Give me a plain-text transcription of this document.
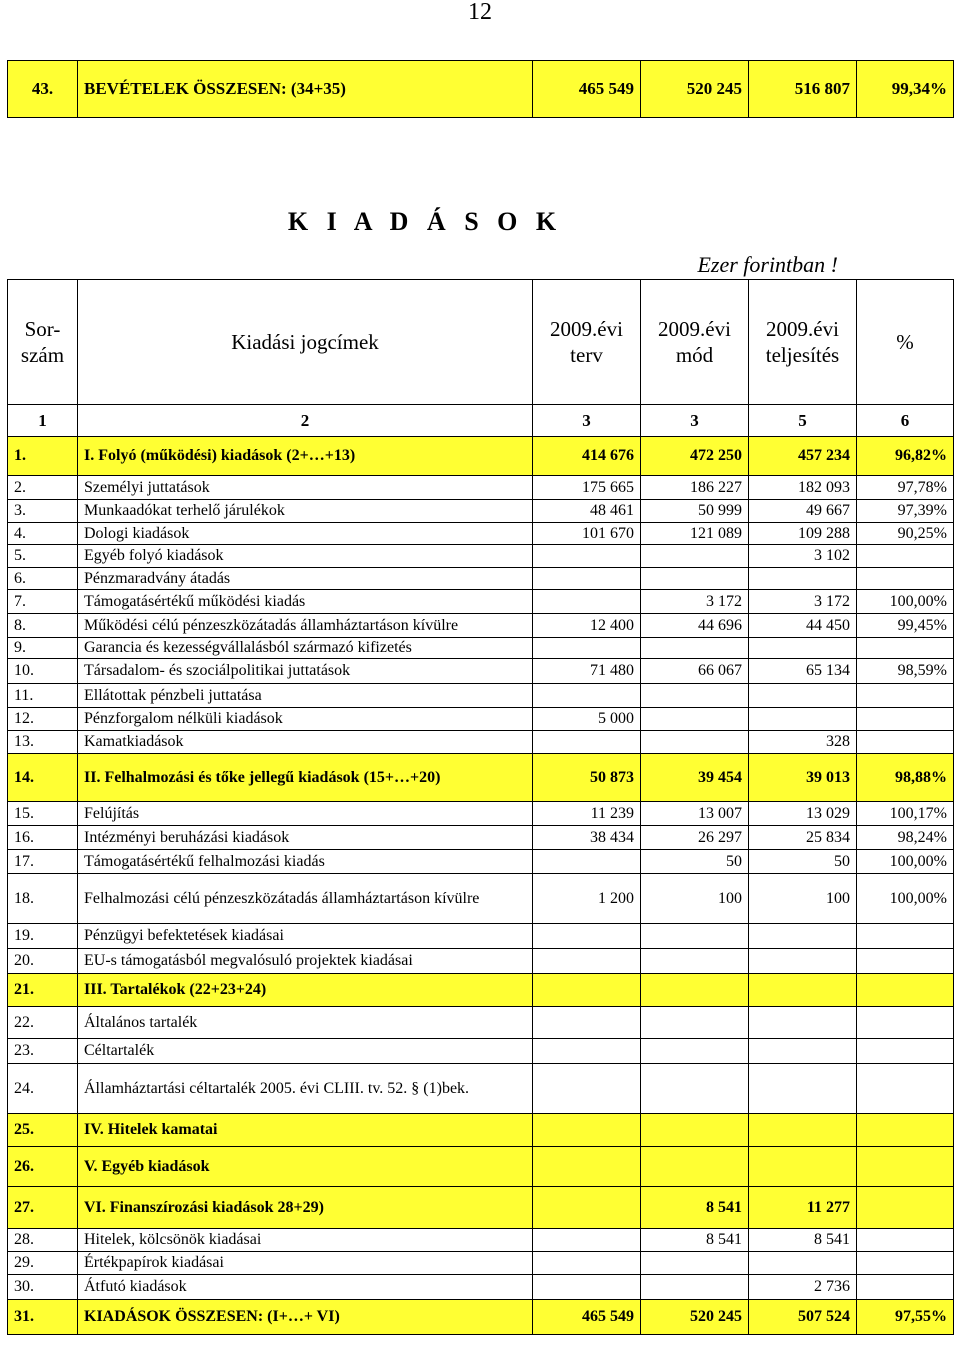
12
43.	BEVÉTELEK ÖSSZESEN: (34+35)	465 549	520 245	516 807	99,34%
K I A D Á S O K
Ezer forintban !
Sor-szám	Kiadási jogcímek	2009.évi terv	2009.évi mód	2009.évi teljesítés	%
1	2	3	3	5	6
1.	I. Folyó (működési) kiadások (2+…+13)	414 676	472 250	457 234	96,82%
2.	Személyi juttatások	175 665	186 227	182 093	97,78%
3.	Munkaadókat terhelő járulékok	48 461	50 999	49 667	97,39%
4.	Dologi kiadások	101 670	121 089	109 288	90,25%
5.	Egyéb folyó kiadások			3 102	
6.	Pénzmaradvány átadás				
7.	Támogatásértékű működési kiadás		3 172	3 172	100,00%
8.	Működési célú pénzeszközátadás államháztartáson kívülre	12 400	44 696	44 450	99,45%
9.	Garancia és kezességvállalásból származó kifizetés				
10.	Társadalom- és szociálpolitikai juttatások	71 480	66 067	65 134	98,59%
11.	Ellátottak pénzbeli juttatása				
12.	Pénzforgalom nélküli kiadások	5 000			
13.	Kamatkiadások			328	
14.	II. Felhalmozási és tőke jellegű kiadások (15+…+20)	50 873	39 454	39 013	98,88%
15.	Felújítás	11 239	13 007	13 029	100,17%
16.	Intézményi beruházási kiadások	38 434	26 297	25 834	98,24%
17.	Támogatásértékű felhalmozási kiadás		50	50	100,00%
18.	Felhalmozási célú pénzeszközátadás államháztartáson kívülre	1 200	100	100	100,00%
19.	Pénzügyi befektetések kiadásai				
20.	EU-s támogatásból megvalósuló projektek kiadásai				
21.	III. Tartalékok (22+23+24)				
22.	Általános tartalék				
23.	Céltartalék				
24.	Államháztartási céltartalék 2005. évi CLIII. tv. 52. § (1)bek.				
25.	IV. Hitelek kamatai				
26.	V. Egyéb kiadások				
27.	VI. Finanszírozási kiadások 28+29)		8 541	11 277	
28.	Hitelek, kölcsönök kiadásai		8 541	8 541	
29.	Értékpapírok kiadásai				
30.	Átfutó kiadások			2 736	
31.	KIADÁSOK ÖSSZESEN: (I+…+ VI)	465 549	520 245	507 524	97,55%
